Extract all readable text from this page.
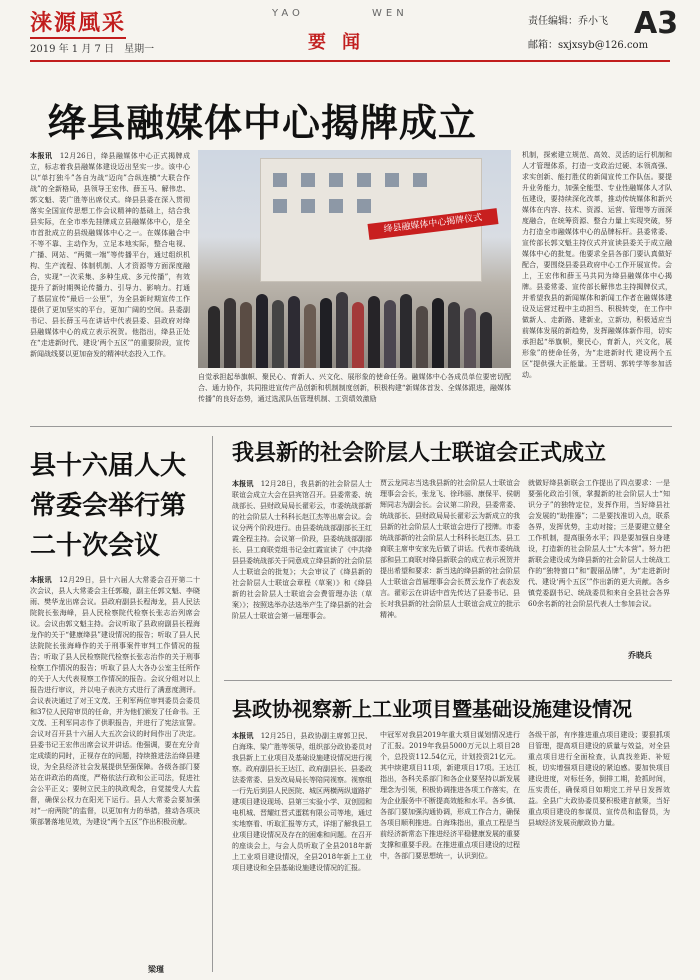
涞源風采
2019 年 1 月 7 日　星期一
YAO	WEN
要闻
责任编辑：乔小飞
邮箱：sxjxsyb@126.com
A3
绛县融媒体中心揭牌成立

本报讯　 12月26日，绛县融媒体中心正式揭牌成立，标志着我县融媒体建设迈出坚实一步。该中心以“单打独斗”各自为战“迈向”合纵连横“大联合作战”的全新格局，县领导王宏伟、薛玉马、解伟忠、郭文魁、裴广胜等出席仪式。绛县县委在深入贯彻落实全国宣传思想工作会议精神的基础上，结合我县实际，在全市率先挂牌成立县融媒体中心，是全市首批成立的县级融媒体中心之一。在媒体融合中不等不靠、主动作为，立足本地实际，整合电视、广播、网站、“两微一端”等传播平台，通过组织机构、生产流程、体制机制、人才资源等方面深度融合，实现“一次采集、多种生成、多元传播”，有效提升了新时期舆论传播力、引导力、影响力。打通了基层宣传“最后一公里”，为全县新时期宣传工作提供了更加坚实的平台，更加广阔的空间。县委副书记、县长薛玉马在讲话中代表县委、县政府对绛县融媒体中心的成立表示祝贺。他指出，绛县正处在“走进新时代、建设‘两个五区’”的重要阶段，宣传新闻战线要以更加奋发的精神状态投入工作。

绛县融媒体中心揭牌仪式

自觉承担起举旗帜、聚民心、育新人、兴文化、展形象的使命任务。融媒体中心各成员单位要密切配合、通力协作，共同推进宣传产品创新和机制制度创新，积极构建“新媒体首发、全媒体跟进，融媒体传播”的良好态势，通过选派队伍管理机制、工资绩效激励

机制，探索建立规范、高效、灵活的运行机制和人才管理体系，打造一支政治过硬、本领高强、求实创新、能打胜仗的新闻宣传工作队伍。要提升业务能力，加强全能型、专业性融媒体人才队伍建设，要持续深化改革，推动传统媒体和新兴媒体在内容、技术、资源、运营、管理等方面深度融合，在统筹资源、整合力量上实现突破，努力打造全市融媒体中心的品牌标杆。县委常委、宣传部长郭文魁主持仪式并宣读县委关于成立融媒体中心的批复。他要求全县各部门要认真做好配合，要围绕县委县政府中心工作开展宣传。会上，王宏伟和薛玉马共同为绛县融媒体中心揭牌。县委常委、宣传部长解伟忠主持揭牌仪式，并希望我县的新闻媒体和新闻工作者在融媒体建设及运营过程中主动担当、积极转变，在工作中做新人、走新路、建新业，立新功，积极适应当前媒体发展的新趋势，发挥融媒体新作用，切实承担起“举旗帜，聚民心，育新人，兴文化，展形象”的使命任务，为“走进新时代 建设两个五区”提供强大正能量。王晋明、郭转学等参加活动。

县十六届人大常委会举行第二十次会议

本报讯　 12月29日，县十六届人大常委会召开第二十次会议，县人大常委会主任郭璇，副主任郭文魁、李晓雨、樊华龙出席会议。县政府副县长程海龙，县人民法院院长张海峰，县人民检察院代检察长张志治列席会议。会议由郭文魁主持。会议听取了县政府副县长程海龙作的关于“健康绛县”建设情况的报告；听取了县人民法院院长张海峰作的关于刑事案件审判工作情况的报告；听取了县人民检察院代检察长张志治作的关于刑事检察工作情况的报告；听取了县人大各办公室主任所作的关于人大代表视察工作情况的报告。会议分组对以上报告进行审议，并以电子表决方式进行了满意度测评。会议表决通过了对王文茂、王利军两位审判委员会委员和37位人民陪审员的任命，并为他们颁发了任命书。王文茂、王利军同志作了供职报告，并进行了宪法宣誓。会议对召开县十六届人大五次会议的时间作出了决定。县委书记王宏伟出席会议并讲话。他强调，要在充分肯定成绩的同时，正视存在的问题，持续推进法治绛县建设，为全县经济社会发展提供坚强保障。各级各部门要站在讲政治的高度，严格依法行政和公正司法，促进社会公平正义；要树立民主的执政观念，自觉接受人大监督，确保公权力在阳光下运行。县人大常委会要加强对“一府两院”的监督，以更加有力的举措，推动各项决策部署落地见效，为建设“两个五区”作出积极贡献。

梁瑾
我县新的社会阶层人士联谊会正式成立

本报讯　 12月28日，我县新的社会阶层人士联谊会成立大会在县宾馆召开。县委常委、统战部长、县财政局局长翟彩云，市委统战部新的社会阶层人士科科长赵江杰等出席会议。会议分两个阶段进行。由县委统战部副部长王红霞全程主持。会议第一阶段，县委统战部副部长、县工商联党组书记金红霞宣读了《中共绛县县委统战部关于同意成立绛县新的社会阶层人士联谊会的批复》；大会审议了《绛县新的社会阶层人士联谊会章程（草案）》和《绛县新的社会阶层人士联谊会会费管理办法（草案）》；按照选举办法选举产生了绛县新的社会阶层人士联谊会第一届理事会。

贾云龙同志当选我县新的社会阶层人士联谊会理事会会长，张龙飞、徐玮丽、康保平、侯朝辉同志为副会长。会议第二阶段，县委常委、统战部长、县财政局局长翟彩云为新成立的我县新的社会阶层人士联谊会进行了授牌。市委统战部新的社会阶层人士科科长赵江杰、县工商联主席申安家先后做了讲话。代表市委统战部和县工商联对绛县新联会的成立表示祝贺并提出希望和要求：新当选的绛县新的社会阶层人士联谊会首届理事会会长贾云龙作了表态发言。翟彩云在讲话中首先传达了县委书记、县长对我县新的社会阶层人士联谊会成立的批示精神。

就做好绛县新联会工作提出了四点要求：一是要强化政治引领，掌握新的社会阶层人士“知识分子”的独特定位，发挥作用，当好绛县社会发展的“助推器”；二是要找准切入点，联系各界，发挥优势，主动对接；三是要建立健全工作机制，提高服务水平；四是要加强自身建设，打造新的社会阶层人士“大本营”。努力把新联会建设成为绛县新的社会阶层人士统战工作的“独特窗口”和“靓丽品牌”，为“走进新时代、建设‘两个五区’”作出新的更大贡献。各乡镇党委副书记、统战委员和来自全县社会各界60余名新的社会阶层代表人士参加会议。

乔晓兵
县政协视察新上工业项目暨基础设施建设情况

本报讯　 12月25日，县政协副主席郭卫民、白海珠、梁广胜等领导，组织部分政协委员对我县新上工业项目及基础设施建设情况进行视察。政府副县长王达江、政府副县长、县委政法委常委、县发改局局长等陪同视察。视察组一行先后到县人民医院、城区两横两纵道路扩建项目建设现场、县第三实验小学、双创园和电机城、晋耀红晋式蛋糕有限公司等地，通过实地察看、听取汇报等方式，详细了解我县工业项目建设情况及存在的困难和问题。在召开的座谈会上，与会人员听取了全县2018年新上工业项目建设情况，全县2018年新上工业项目建设和全县基础设施建设情况的汇报。

中冠军对我县2019年重大项目谋划情况进行了汇报。2019年我县5000万元以上项目28个，总投资112.54亿元，计划投资21亿元。其中续建项目11项，新建项目17项。王达江指出，各科关系部门和各企业要坚持以新发展理念为引领，积极协调推进各项工作落实，在为企业服务中不断提高效能和水平。各乡镇、各部门要加强沟通协调，形成工作合力，确保各项目顺利推进。白海珠指出，重点工程是当前经济新常态下推进经济平稳健康发展的重要支撑和重要手段。在推进重点项目建设的过程中，各部门要思想统一，认识到位。

各级干部，有序推进重点项目建设；要狠抓项目管理，提高项目建设的质量与效益，对全县重点项目进行全面检查，认真找差距、补短板，切实增强项目建设的紧迫感。要加快项目建设进度，对标任务，倒排工期，抢抓时间，压实责任，确保项目如期完工并早日发挥效益。全县广大政协委员要积极建言献策，当好重点项目建设的参谋员、宣传员和监督员，为县域经济发展贡献政协力量。
